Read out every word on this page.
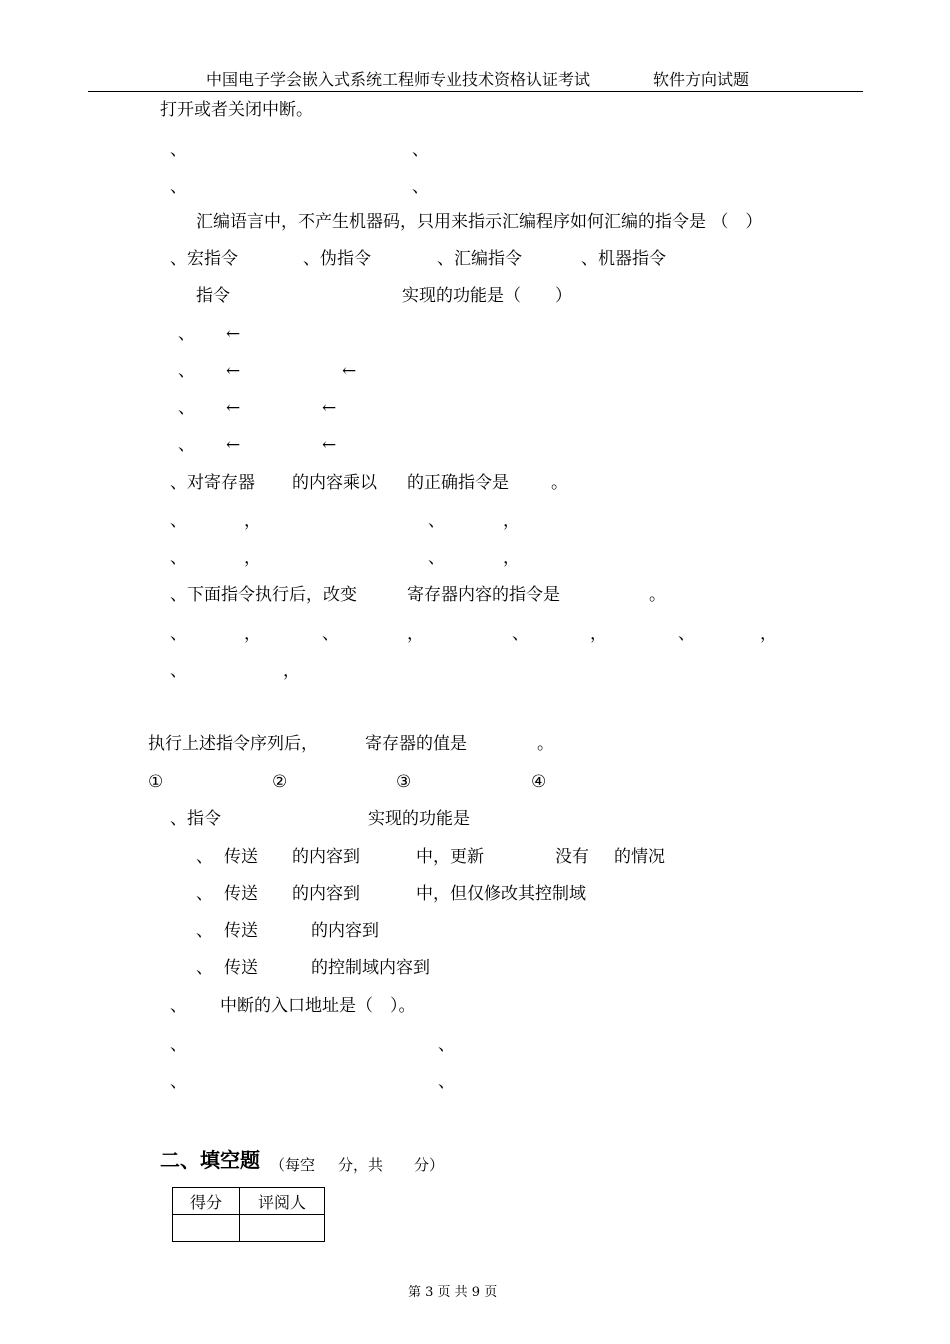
中国电子学会嵌入式系统工程师专业技术资格认证考试	软件方向试题
打开或者关闭中断。
、	、
、	、
汇编语言中，不产生机器码，只用来指示汇编程序如何汇编的指令是 （　）
、宏指令	、伪指令	、汇编指令	、机器指令
指令	实现的功能是（　　）
、 ←
、 ←	←
、 ←	←
、 ←	←
、对寄存器 的内容乘以 的正确指令是 。
、	，	、	，
、	，	、	，
、下面指令执行后，改变	寄存器内容的指令是	。
、	，	、	，	、	，	、	，
、	，
执行上述指令序列后，	寄存器的值是	。
①	②	③	④
、指令	实现的功能是
、 传送 的内容到	中，更新	没有 的情况
、 传送 的内容到	中，但仅修改其控制域
、 传送	的内容到
、 传送	的控制域内容到
、 中断的入口地址是（　）。
、	、
、	、
二、填空题 （每空 分，共 分）
得分	评阅人

第 3 页 共 9 页
